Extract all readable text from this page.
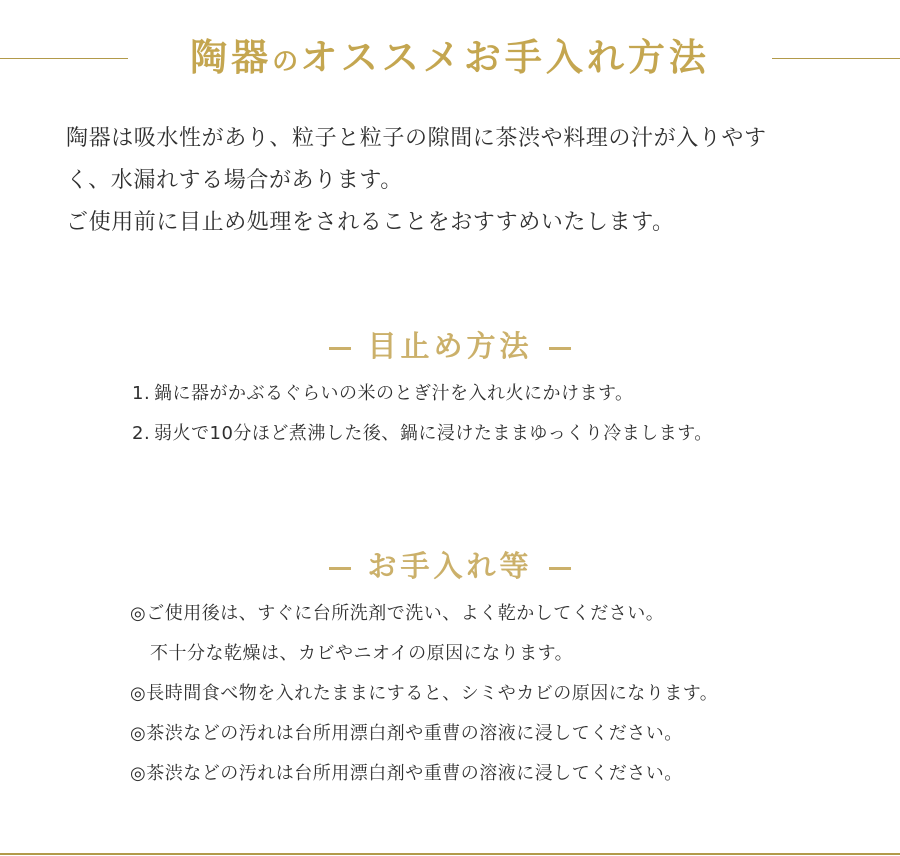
陶器のオススメお手入れ方法

陶器は吸水性があり、粒子と粒子の隙間に茶渋や料理の汁が入りやす

く、水漏れする場合があります。

ご使用前に目止め処理をされることをおすすめいたします。

目止め方法
1. 鍋に器がかぶるぐらいの米のとぎ汁を入れ火にかけます。
2. 弱火で10分ほど煮沸した後、鍋に浸けたままゆっくり冷まします。
お手入れ等
◎ご使用後は、すぐに台所洗剤で洗い、よく乾かしてください。
不十分な乾燥は、カビやニオイの原因になります。
◎長時間食べ物を入れたままにすると、シミやカビの原因になります。
◎茶渋などの汚れは台所用漂白剤や重曹の溶液に浸してください。
◎茶渋などの汚れは台所用漂白剤や重曹の溶液に浸してください。
